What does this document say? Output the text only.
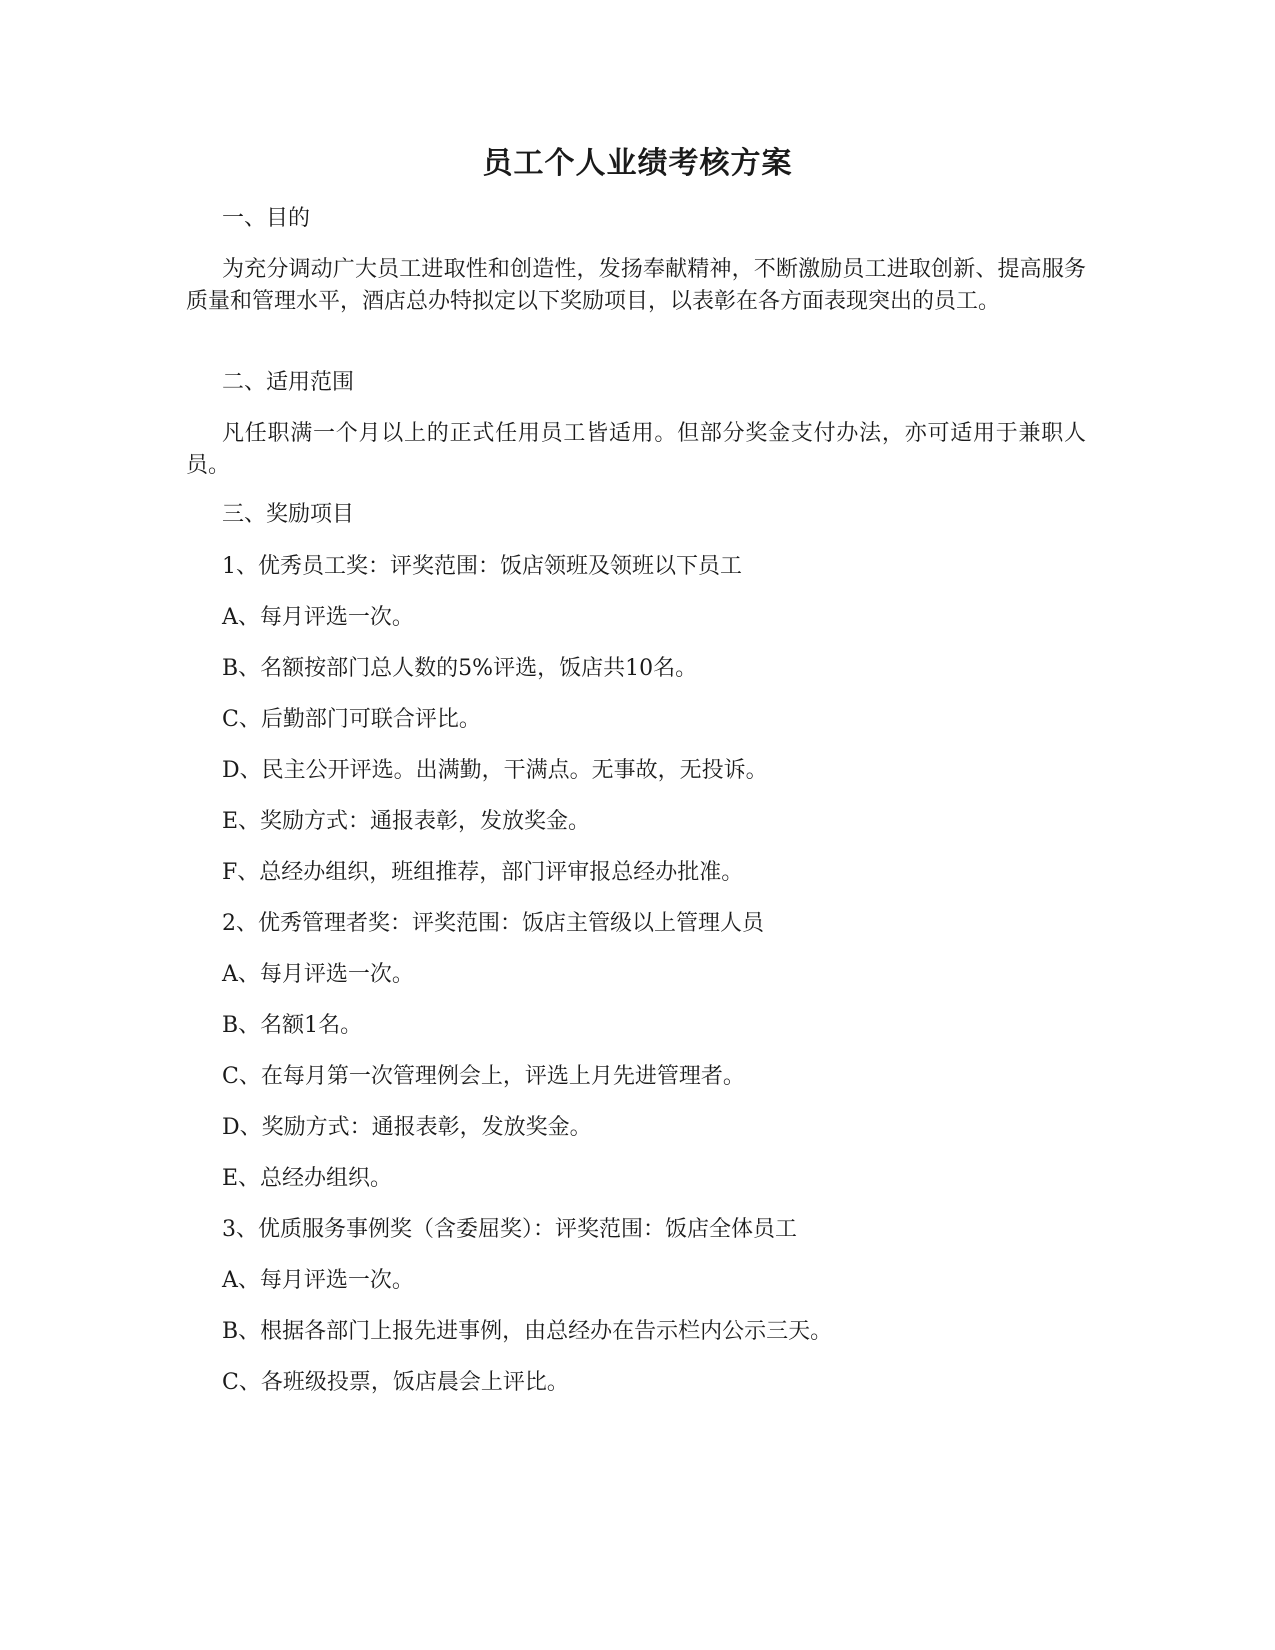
员工个人业绩考核方案
一、目的
为充分调动广大员工进取性和创造性，发扬奉献精神，不断激励员工进取创新、提高服务质量和管理水平，酒店总办特拟定以下奖励项目，以表彰在各方面表现突出的员工。
二、适用范围
凡任职满一个月以上的正式任用员工皆适用。但部分奖金支付办法，亦可适用于兼职人员。
三、奖励项目
1、优秀员工奖：评奖范围：饭店领班及领班以下员工
A、每月评选一次。
B、名额按部门总人数的5%评选，饭店共10名。
C、后勤部门可联合评比。
D、民主公开评选。出满勤，干满点。无事故，无投诉。
E、奖励方式：通报表彰，发放奖金。
F、总经办组织，班组推荐，部门评审报总经办批准。
2、优秀管理者奖：评奖范围：饭店主管级以上管理人员
A、每月评选一次。
B、名额1名。
C、在每月第一次管理例会上，评选上月先进管理者。
D、奖励方式：通报表彰，发放奖金。
E、总经办组织。
3、优质服务事例奖（含委屈奖）：评奖范围：饭店全体员工
A、每月评选一次。
B、根据各部门上报先进事例，由总经办在告示栏内公示三天。
C、各班级投票，饭店晨会上评比。
